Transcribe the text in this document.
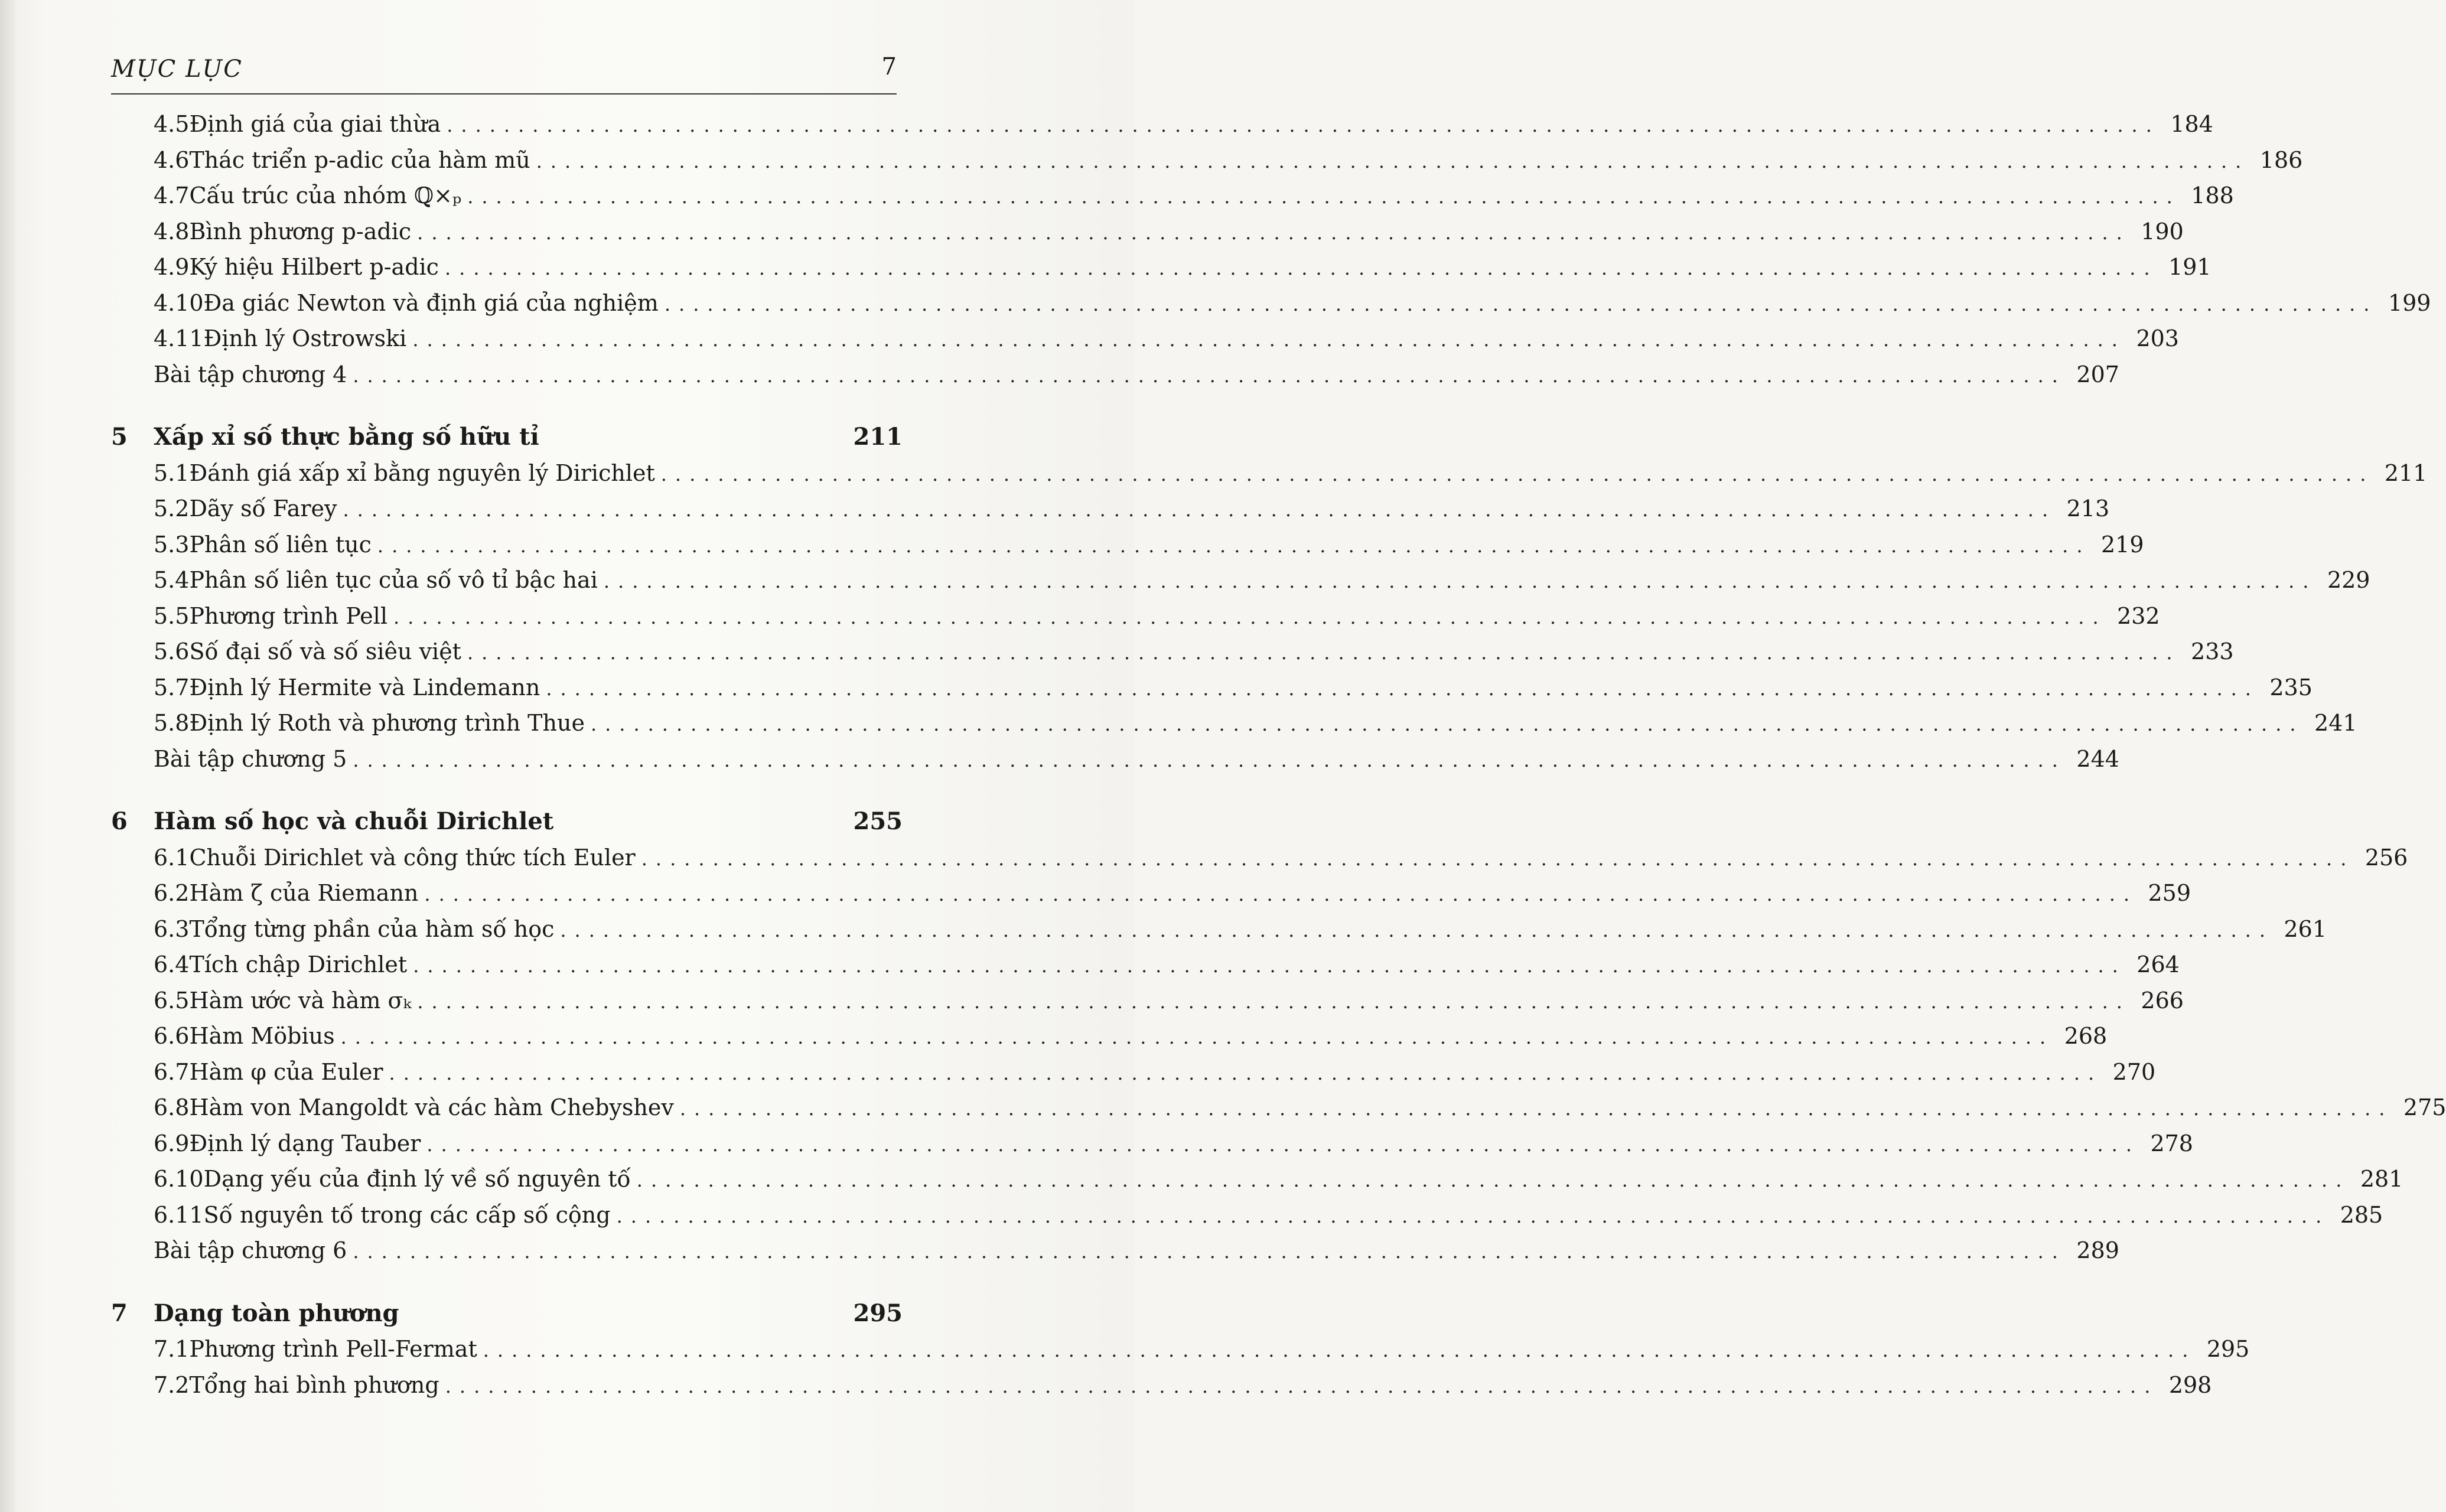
MỤC LỤC	7
4.5 Định giá của giai thừa ........................................................................................................................ 184
4.6 Thác triển p-adic của hàm mũ ........................................................................................................................ 186
4.7 Cấu trúc của nhóm ℚ×ₚ ........................................................................................................................ 188
4.8 Bình phương p-adic ........................................................................................................................ 190
4.9 Ký hiệu Hilbert p-adic ........................................................................................................................ 191
4.10 Đa giác Newton và định giá của nghiệm ........................................................................................................................ 199
4.11 Định lý Ostrowski ........................................................................................................................ 203
Bài tập chương 4 ........................................................................................................................ 207
5	Xấp xỉ số thực bằng số hữu tỉ	211
5.1 Đánh giá xấp xỉ bằng nguyên lý Dirichlet ........................................................................................................................ 211
5.2 Dãy số Farey ........................................................................................................................ 213
5.3 Phân số liên tục ........................................................................................................................ 219
5.4 Phân số liên tục của số vô tỉ bậc hai ........................................................................................................................ 229
5.5 Phương trình Pell ........................................................................................................................ 232
5.6 Số đại số và số siêu việt ........................................................................................................................ 233
5.7 Định lý Hermite và Lindemann ........................................................................................................................ 235
5.8 Định lý Roth và phương trình Thue ........................................................................................................................ 241
Bài tập chương 5 ........................................................................................................................ 244
6	Hàm số học và chuỗi Dirichlet	255
6.1 Chuỗi Dirichlet và công thức tích Euler ........................................................................................................................ 256
6.2 Hàm ζ của Riemann ........................................................................................................................ 259
6.3 Tổng từng phần của hàm số học ........................................................................................................................ 261
6.4 Tích chập Dirichlet ........................................................................................................................ 264
6.5 Hàm ước và hàm σₖ ........................................................................................................................ 266
6.6 Hàm Möbius ........................................................................................................................ 268
6.7 Hàm φ của Euler ........................................................................................................................ 270
6.8 Hàm von Mangoldt và các hàm Chebyshev ........................................................................................................................ 275
6.9 Định lý dạng Tauber ........................................................................................................................ 278
6.10 Dạng yếu của định lý về số nguyên tố ........................................................................................................................ 281
6.11 Số nguyên tố trong các cấp số cộng ........................................................................................................................ 285
Bài tập chương 6 ........................................................................................................................ 289
7	Dạng toàn phương	295
7.1 Phương trình Pell-Fermat ........................................................................................................................ 295
7.2 Tổng hai bình phương ........................................................................................................................ 298
